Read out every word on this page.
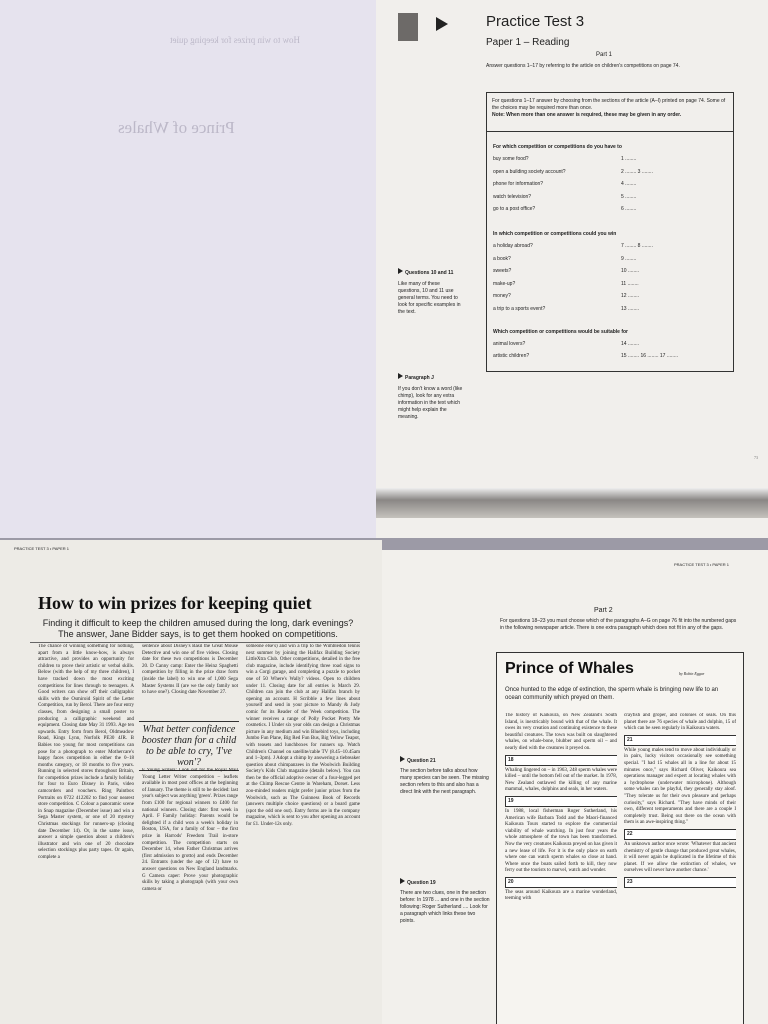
Prince of Whales
How to win prizes for keeping quiet
Practice Test 3
Paper 1 – Reading
Part 1
Answer questions 1–17 by referring to the article on children's competitions on page 74.
For questions 1–17 answer by choosing from the sections of the article (A–I) printed on page 74. Some of the choices may be required more than once.
Note: When more than one answer is required, these may be given in any order.
For which competition or competitions do you have to
buy some food?	1 ........
open a building society account?	2 ........ 3 ........
phone for information?	4 ........
watch television?	5 ........
go to a post office?	6 ........
In which competition or competitions could you win
a holiday abroad?	7 ........ 8 ........
a book?	9 ........
sweets?	10 ........
make-up?	11 ........
money?	12 ........
a trip to a sports event?	13 ........
Which competition or competitions would be suitable for
animal lovers?	14 ........
artistic children?	15 ........ 16 ........ 17 ........
Questions 10 and 11
Like many of these questions, 10 and 11 use general terms. You need to look for specific examples in the text.
Paragraph J
If you don't know a word (like chimp), look for any extra information in the text which might help explain the meaning.
73
PRACTICE TEST 3 • PAPER 1
How to win prizes for keeping quiet
Finding it difficult to keep the children amused during the long, dark evenings? The answer, Jane Bidder says, is to get them hooked on competitions.
The chance of winning something for nothing, apart from a little know-how, is always attractive, and provides an opportunity for children to prove their artistic or verbal skills. Below (with the help of my three children), I have tracked down the most exciting competitions for lines through to teenagers. A Good writers can show off their calligraphic skills with the Osmiroid Spirit of the Letter Competition, run by Berol. There are four entry classes, from designing a small poster to producing a calligraphic weekend and equipment. Closing date May 31 1993. Age ten upwards. Entry form from Berol, Oldmeadow Road, Kings Lynn, Norfolk PE30 4JR. B Babies too young for most competitions can pose for a photograph to enter Mothercare's happy faces competition in either the 0–18 months category, or 18 months to five years. Running in selected stores throughout Britain, for competition prizes include a family holiday for four to Euro Disney in Paris, video camcorders and vouchers. Ring Paintbox Portraits on 0722 412202 to find your nearest store competition. C Colour a panoramic scene in Snap magazine (December issue) and win a Sega Master system, or one of 20 mystery Christmas stockings for runners-up (closing date December 14). Or, in the same issue, answer a simple question about a children's illustrator and win one of 20 chocolate selection stockings plus party tapes. Or again, complete a
sentence about Disney's Basil the Great Mouse Detective and win one of five videos. Closing date for these two competitions is December 20. D Canny camp: Enter the Heinz Spaghetti competition by filling in the prize draw form (inside the label) to win one of 1,000 Sega Master Systems II (are we the only family not to have one?). Closing date November 27.
What better confidence booster than for a child to be able to cry, 'I've won'?
E Young writers: Look out for the Royal Mail Young Letter Writer competition – leaflets available in most post offices at the beginning of January. The theme is still to be decided: last year's subject was anything 'green'. Prizes range from £100 for regional winners to £400 for national winners. Closing date: first week in April. F Family holiday: Parents would be delighted if a child won a week's holiday in Boston, USA, for a family of four – the first prize in Harrods' Freedom Trail in-store competition. The competition starts on December 14, when Father Christmas arrives (first admission to grotto) and ends December 24. Entrants (under the age of 12) have to answer questions on New England landmarks. G Camera caper: Prove your photographic skills by taking a photograph (with your own camera or
someone else's) and win a trip to the Wimbledon tennis next summer by joining the Halifax Building Society LittleXtra Club. Other competitions, detailed in the free club magazine, include identifying three road signs to win a Corgi garage, and completing a puzzle to pocket one of 50 Where's Wally? videos. Open to children under 11. Closing date for all entries is March 29. Children can join the club at any Halifax branch by opening an account. H Scribble a few lines about yourself and send in your picture to Mandy & Judy comic for its Reader of the Week competition. The winner receives a range of Polly Pocket Pretty Me cosmetics. I Under six year olds can design a Christmas picture in any medium and win Bluebird toys, including Jumbo Fun Plane, Big Red Fun Bus, Big Yellow Teapot, with teasets and lunchboxes for runners up. Watch Children's Channel on satellite/cable TV (8.45–10.45am and 1–3pm). J Adopt a chimp by answering a tiebreaker question about chimpanzees in the Woolwich Building Society's Kids Club magazine (details below). You can then be the official adoptive owner of a four-legged pet at the Chimp Rescue Centre in Wareham, Dorset. Less zoo-minded readers might prefer junior prizes from the Woolwich, such as The Guinness Book of Records (answers multiple choice questions) or a board game (spot the odd one out). Entry forms are in the company magazine, which is sent to you after opening an account for £1. Under-12s only.
PRACTICE TEST 3 • PAPER 1
Part 2
For questions 18–23 you must choose which of the paragraphs A–G on page 76 fit into the numbered gaps in the following newspaper article. There is one extra paragraph which does not fit in any of the gaps.
Question 21
The section before talks about how many species can be seen. The missing section refers to this and also has a direct link with the next paragraph.
Question 19
There are two clues, one in the section before: In 1978 ... and one in the section following: Roger Sutherland .... Look for a paragraph which links these two points.
Prince of Whales	by Robin Eggar
Once hunted to the edge of extinction, the sperm whale is bringing new life to an ocean community which preyed on them.
The history of Kaikoura, on New Zealand's South Island, is inextricably bound with that of the whale. It owes its very creation and continuing existence to these beautiful creatures. The town was built on slaughtered whales, on whale-bone, blubber and sperm oil – and nearly died with the creatures it preyed on.
18
Whaling lingered on – in 1963, 248 sperm whales were killed – until the bottom fell out of the market. In 1978, New Zealand outlawed the killing of any marine mammal, whales, dolphins and seals, in her waters.
19
In 1988, local fisherman Roger Sutherland, his American wife Barbara Todd and the Maori-financed Kaikoura Tours started to explore the commercial viability of whale watching. In just four years the whole atmosphere of the town has been transformed. Now the very creatures Kaikoura preyed on has given it a new lease of life. For it is the only place on earth where one can watch sperm whales so close at hand. Where once the boats sailed forth to kill, they now ferry out the tourists to marvel, watch and wonder.
20
The seas around Kaikoura are a marine wonderland, teeming with
crayfish and groper, and colonies of seals. On this planet there are 76 species of whale and dolphin, 15 of which can be seen regularly in Kaikoura waters.
21
While young males tend to move about individually or in pairs, lucky visitors occasionally see something special. "I had 15 whales all in a line for about 15 minutes once," says Richard Oliver, Kaikoura sea operations manager and expert at locating whales with a hydrophone (underwater microphone). Although some whales can be playful, they generally stay aloof. "They tolerate us for their own pleasure and perhaps curiosity," says Richard. "They have minds of their own, different temperaments and there are a couple I completely trust. Being out there on the ocean with them is an awe-inspiring thing."
22
An unknown author once wrote: 'Whatever that ancient chemistry of gentle change that produced great whales, it will never again be duplicated in the lifetime of this planet. If we allow the extinction of whales, we ourselves will never have another chance.'
23
